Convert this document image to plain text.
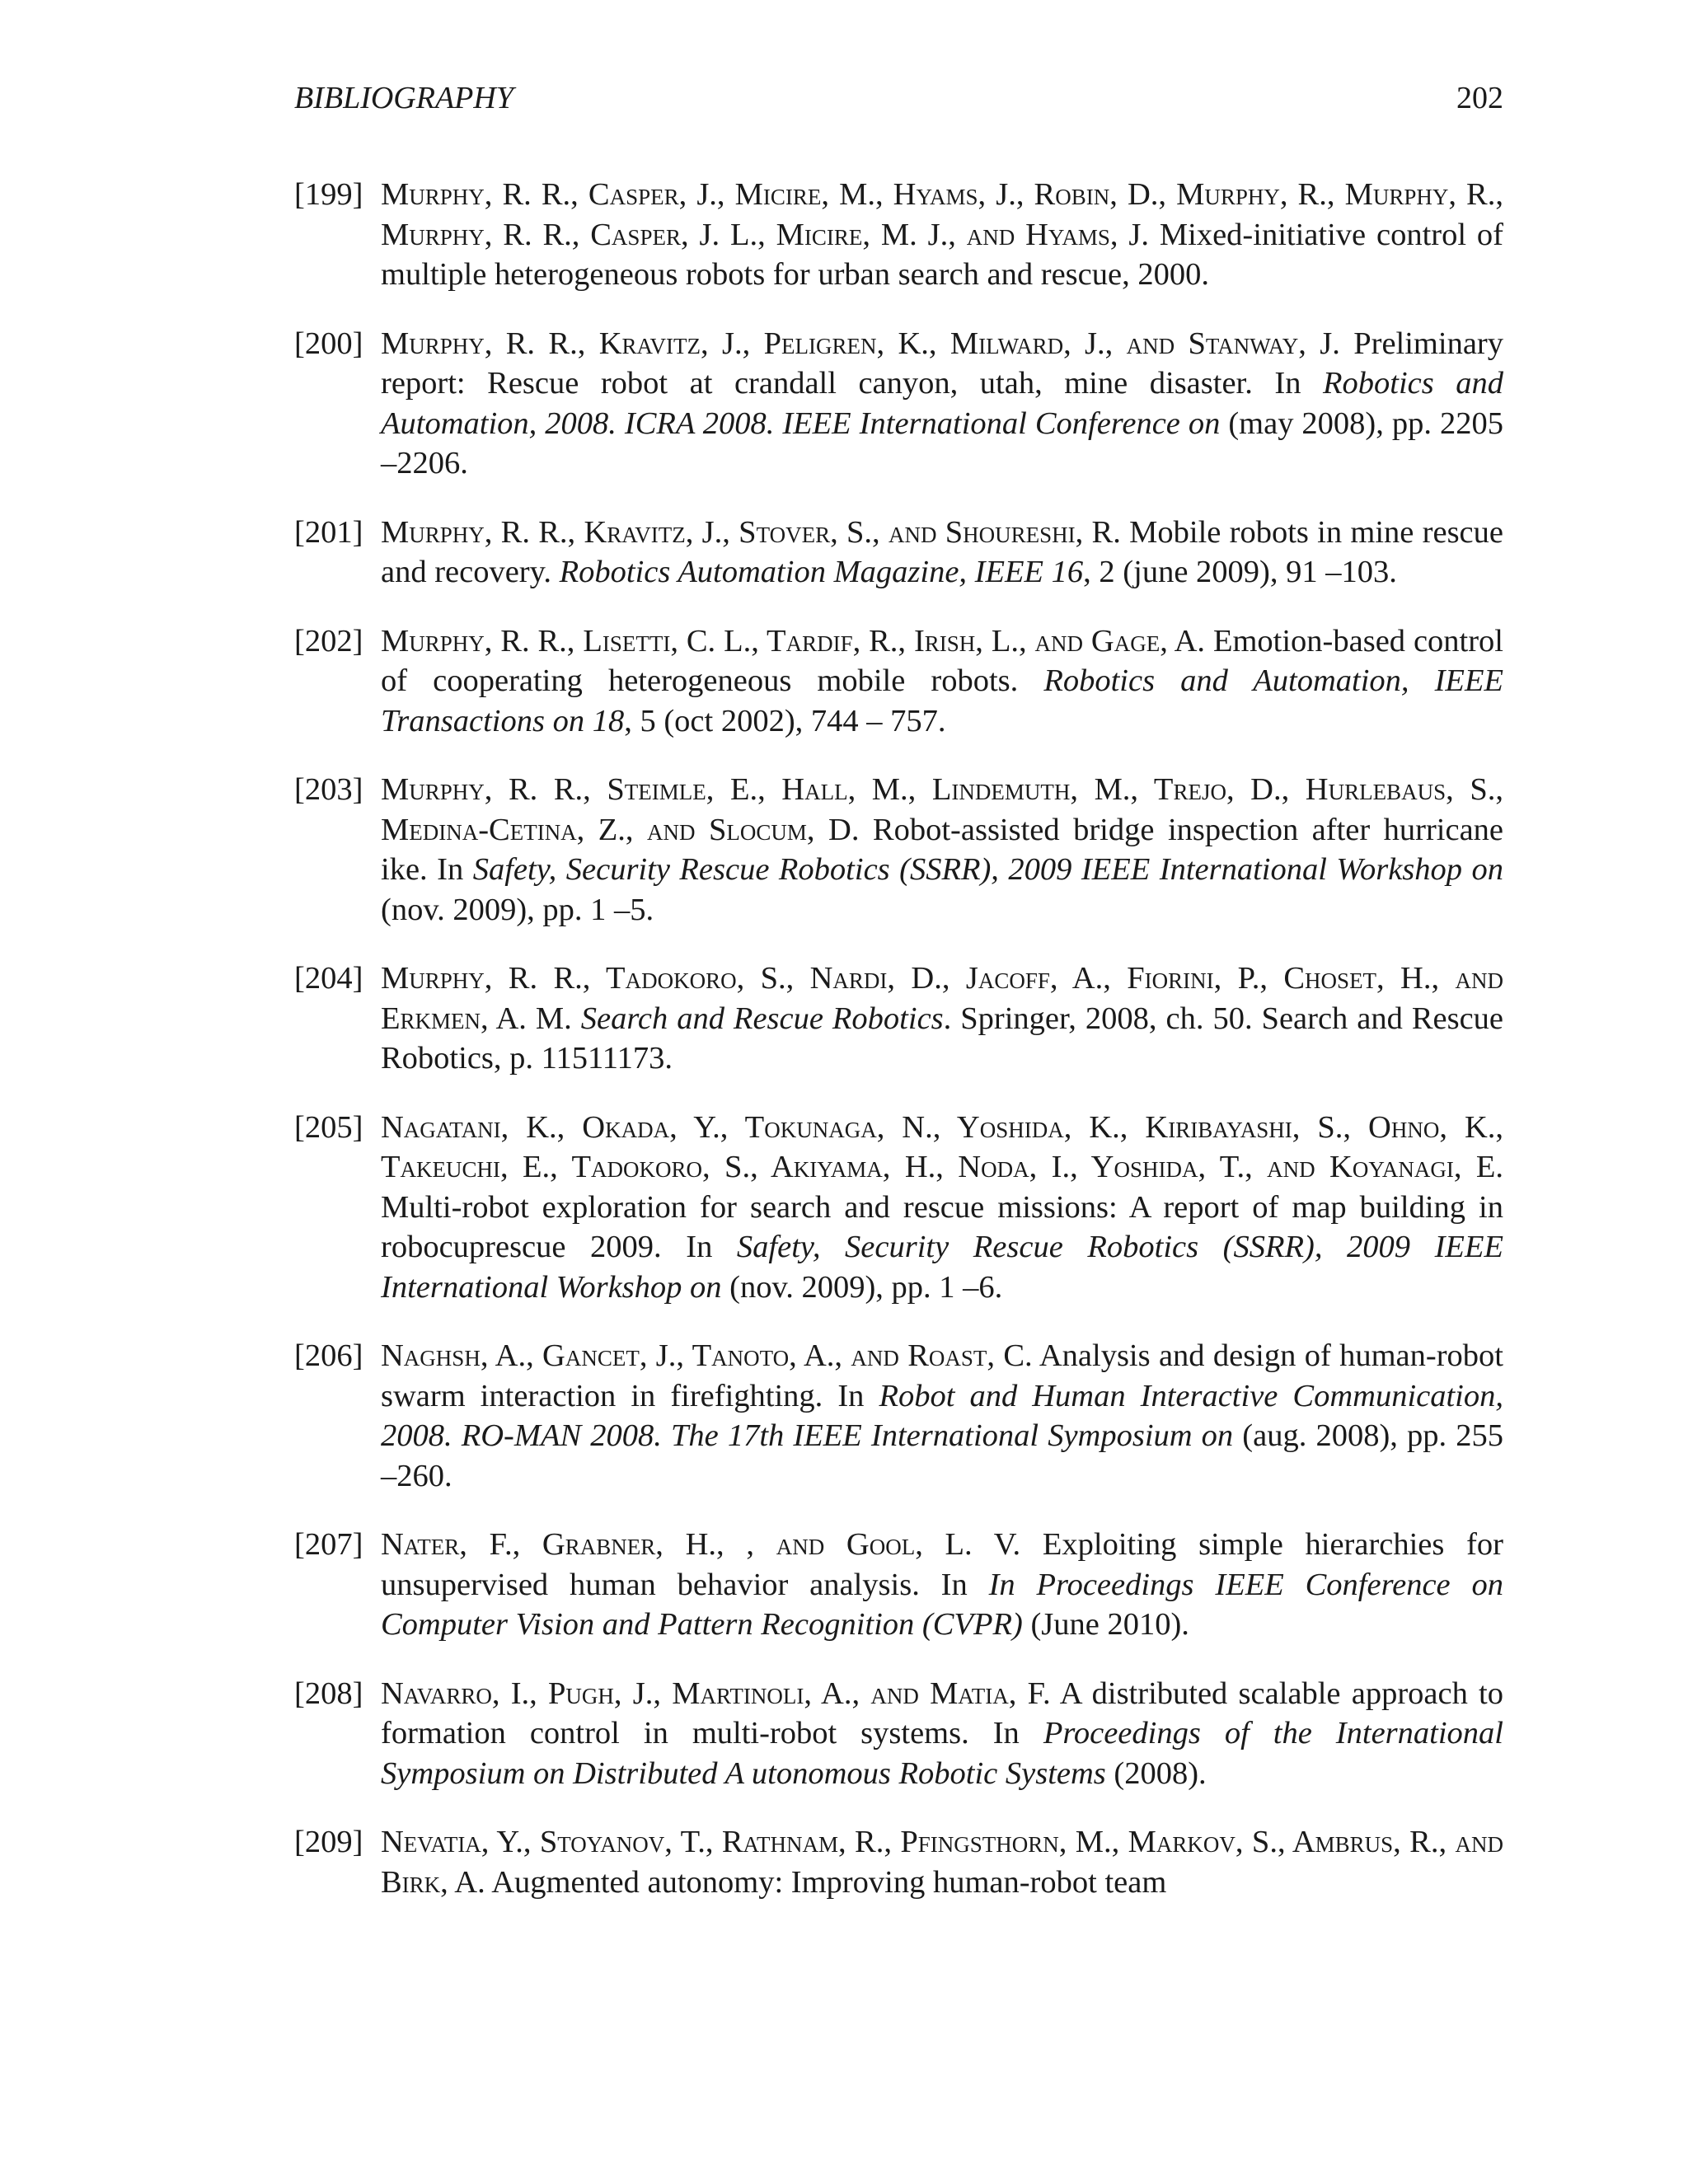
BIBLIOGRAPHY	202
[199] Murphy, R. R., Casper, J., Micire, M., Hyams, J., Robin, D., Murphy, R., Murphy, R., Murphy, R. R., Casper, J. L., Micire, M. J., and Hyams, J. Mixed-initiative control of multiple heterogeneous robots for urban search and rescue, 2000.
[200] Murphy, R. R., Kravitz, J., Peligren, K., Milward, J., and Stanway, J. Preliminary report: Rescue robot at crandall canyon, utah, mine disaster. In Robotics and Automation, 2008. ICRA 2008. IEEE International Conference on (may 2008), pp. 2205 –2206.
[201] Murphy, R. R., Kravitz, J., Stover, S., and Shoureshi, R. Mobile robots in mine rescue and recovery. Robotics Automation Magazine, IEEE 16, 2 (june 2009), 91 –103.
[202] Murphy, R. R., Lisetti, C. L., Tardif, R., Irish, L., and Gage, A. Emotion-based control of cooperating heterogeneous mobile robots. Robotics and Automation, IEEE Transactions on 18, 5 (oct 2002), 744 – 757.
[203] Murphy, R. R., Steimle, E., Hall, M., Lindemuth, M., Trejo, D., Hurlebaus, S., Medina-Cetina, Z., and Slocum, D. Robot-assisted bridge inspection after hurricane ike. In Safety, Security Rescue Robotics (SSRR), 2009 IEEE International Workshop on (nov. 2009), pp. 1 –5.
[204] Murphy, R. R., Tadokoro, S., Nardi, D., Jacoff, A., Fiorini, P., Choset, H., and Erkmen, A. M. Search and Rescue Robotics. Springer, 2008, ch. 50. Search and Rescue Robotics, p. 11511173.
[205] Nagatani, K., Okada, Y., Tokunaga, N., Yoshida, K., Kiribayashi, S., Ohno, K., Takeuchi, E., Tadokoro, S., Akiyama, H., Noda, I., Yoshida, T., and Koyanagi, E. Multi-robot exploration for search and rescue missions: A report of map building in robocuprescue 2009. In Safety, Security Rescue Robotics (SSRR), 2009 IEEE International Workshop on (nov. 2009), pp. 1 –6.
[206] Naghsh, A., Gancet, J., Tanoto, A., and Roast, C. Analysis and design of human-robot swarm interaction in firefighting. In Robot and Human Interactive Communication, 2008. RO-MAN 2008. The 17th IEEE International Symposium on (aug. 2008), pp. 255 –260.
[207] Nater, F., Grabner, H., , and Gool, L. V. Exploiting simple hierarchies for unsupervised human behavior analysis. In In Proceedings IEEE Conference on Computer Vision and Pattern Recognition (CVPR) (June 2010).
[208] Navarro, I., Pugh, J., Martinoli, A., and Matia, F. A distributed scalable approach to formation control in multi-robot systems. In Proceedings of the International Symposium on Distributed A utonomous Robotic Systems (2008).
[209] Nevatia, Y., Stoyanov, T., Rathnam, R., Pfingsthorn, M., Markov, S., Ambrus, R., and Birk, A. Augmented autonomy: Improving human-robot team
